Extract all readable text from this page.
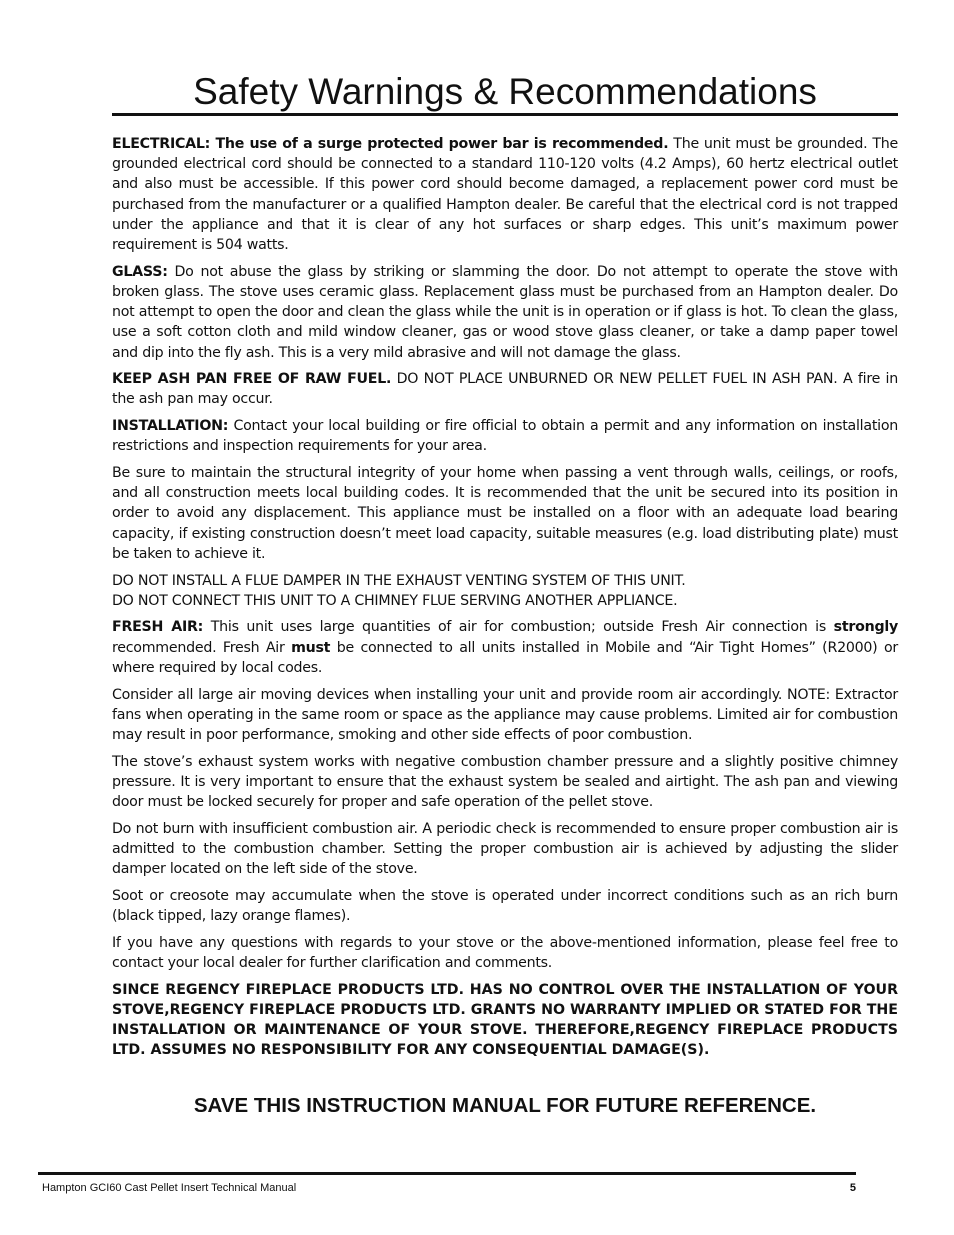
Safety Warnings & Recommendations

ELECTRICAL: The use of a surge protected power bar is recommended. The unit must be grounded. The grounded electrical cord should be connected to a standard 110-120 volts (4.2 Amps), 60 hertz electrical outlet and also must be accessible. If this power cord should become damaged, a replacement power cord must be purchased from the manufacturer or a qualified Hampton dealer. Be careful that the electrical cord is not trapped under the appliance and that it is clear of any hot surfaces or sharp edges. This unit’s maximum power requirement is 504 watts.

GLASS: Do not abuse the glass by striking or slamming the door. Do not attempt to operate the stove with broken glass. The stove uses ceramic glass. Replacement glass must be purchased from an Hampton dealer. Do not attempt to open the door and clean the glass while the unit is in operation or if glass is hot. To clean the glass, use a soft cotton cloth and mild window cleaner, gas or wood stove glass cleaner, or take a damp paper towel and dip into the fly ash. This is a very mild abrasive and will not damage the glass.

KEEP ASH PAN FREE OF RAW FUEL. DO NOT PLACE UNBURNED OR NEW PELLET FUEL IN ASH PAN. A fire in the ash pan may occur.

INSTALLATION: Contact your local building or fire official to obtain a permit and any information on installation restrictions and inspection requirements for your area.

Be sure to maintain the structural integrity of your home when passing a vent through walls, ceilings, or roofs, and all construction meets local building codes. It is recommended that the unit be secured into its position in order to avoid any displacement. This appliance must be installed on a floor with an adequate load bearing capacity, if existing construction doesn’t meet load capacity, suitable measures (e.g. load distributing plate) must be taken to achieve it.

DO NOT INSTALL A FLUE DAMPER IN THE EXHAUST VENTING SYSTEM OF THIS UNIT.

DO NOT CONNECT THIS UNIT TO A CHIMNEY FLUE SERVING ANOTHER APPLIANCE.

FRESH AIR: This unit uses large quantities of air for combustion; outside Fresh Air connection is strongly recommended. Fresh Air must be connected to all units installed in Mobile and “Air Tight Homes” (R2000) or where required by local codes.

Consider all large air moving devices when installing your unit and provide room air accordingly. NOTE: Extractor fans when operating in the same room or space as the appliance may cause problems. Limited air for combustion may result in poor performance, smoking and other side effects of poor combustion.

The stove’s exhaust system works with negative combustion chamber pressure and a slightly positive chimney pressure. It is very important to ensure that the exhaust system be sealed and airtight. The ash pan and viewing door must be locked securely for proper and safe operation of the pellet stove.

Do not burn with insufficient combustion air. A periodic check is recommended to ensure proper combustion air is admitted to the combustion chamber. Setting the proper combustion air is achieved by adjusting the slider damper located on the left side of the stove.

Soot or creosote may accumulate when the stove is operated under incorrect conditions such as an rich burn (black tipped, lazy orange flames).

If you have any questions with regards to your stove or the above-mentioned information, please feel free to contact your local dealer for further clarification and comments.

SINCE REGENCY FIREPLACE PRODUCTS LTD. HAS NO CONTROL OVER THE INSTALLATION OF YOUR STOVE,REGENCY FIREPLACE PRODUCTS LTD. GRANTS NO WARRANTY IMPLIED OR STATED FOR THE INSTALLATION OR MAINTENANCE OF YOUR STOVE. THEREFORE,REGENCY FIREPLACE PRODUCTS LTD. ASSUMES NO RESPONSIBILITY FOR ANY CONSEQUENTIAL DAMAGE(S).

SAVE THIS INSTRUCTION MANUAL FOR FUTURE REFERENCE.

Hampton GCI60 Cast Pellet Insert Technical Manual	5
